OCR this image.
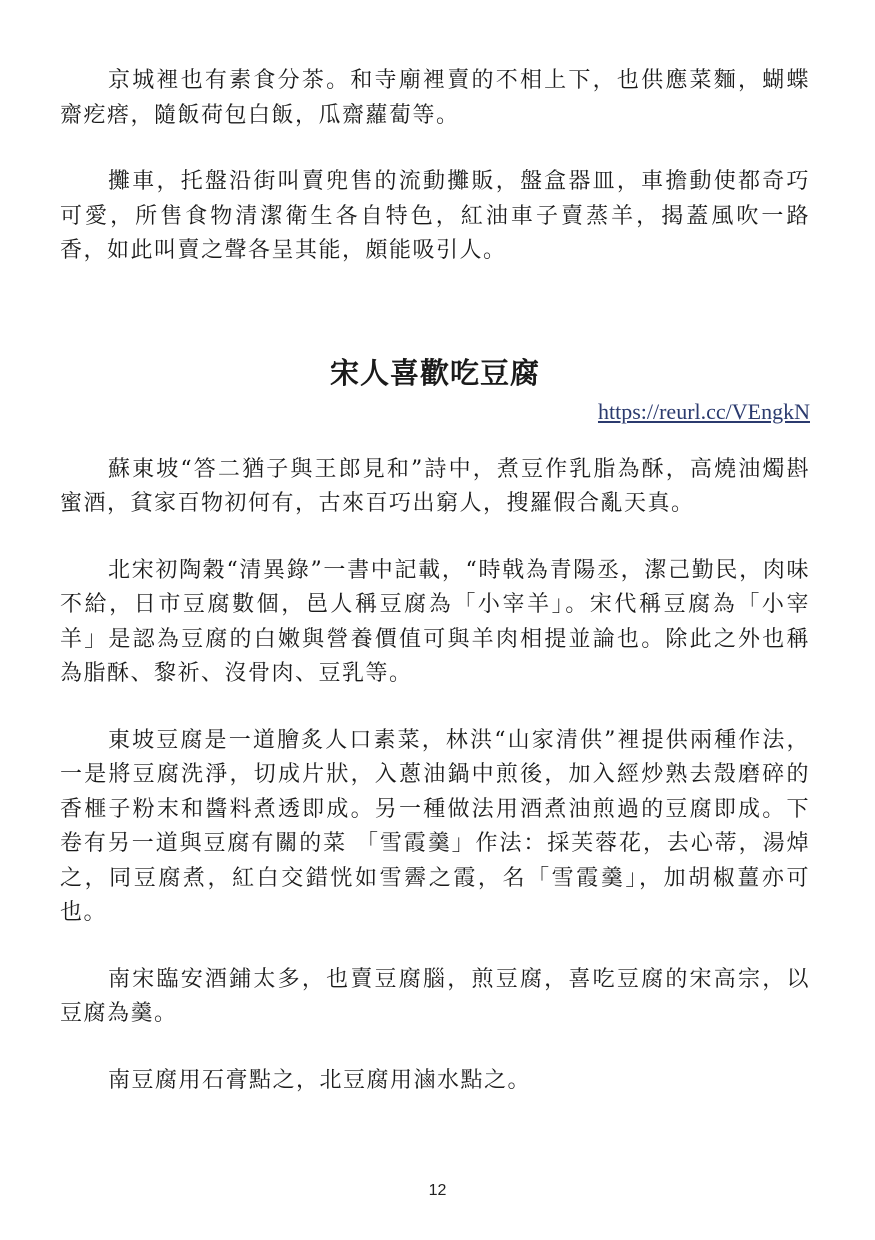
京城裡也有素食分茶。和寺廟裡賣的不相上下，也供應菜麵，蝴蝶齋疙瘩，隨飯荷包白飯，瓜齋蘿蔔等。

攤車，托盤沿街叫賣兜售的流動攤販，盤盒器皿，車擔動使都奇巧可愛，所售食物清潔衛生各自特色，紅油車子賣蒸羊，揭蓋風吹一路香，如此叫賣之聲各呈其能，頗能吸引人。

宋人喜歡吃豆腐
https://reurl.cc/VEngkN

蘇東坡“答二猶子與王郎見和”詩中，煮豆作乳脂為酥，高燒油燭斟蜜酒，貧家百物初何有，古來百巧出窮人，搜羅假合亂天真。

北宋初陶穀“清異錄”一書中記載，“時戟為青陽丞，潔己勤民，肉味不給，日市豆腐數個，邑人稱豆腐為「小宰羊」。宋代稱豆腐為「小宰羊」是認為豆腐的白嫩與營養價值可與羊肉相提並論也。除此之外也稱為脂酥、黎祈、沒骨肉、豆乳等。

東坡豆腐是一道膾炙人口素菜，林洪“山家清供”裡提供兩種作法，一是將豆腐洗淨，切成片狀，入蔥油鍋中煎後，加入經炒熟去殼磨碎的香榧子粉末和醬料煮透即成。另一種做法用酒煮油煎過的豆腐即成。下卷有另一道與豆腐有關的菜 「雪霞羹」作法：採芙蓉花，去心蒂，湯焯之，同豆腐煮，紅白交錯恍如雪霽之霞，名「雪霞羹」，加胡椒薑亦可也。

南宋臨安酒鋪太多，也賣豆腐腦，煎豆腐，喜吃豆腐的宋高宗，以豆腐為羹。

南豆腐用石膏點之，北豆腐用滷水點之。

12
